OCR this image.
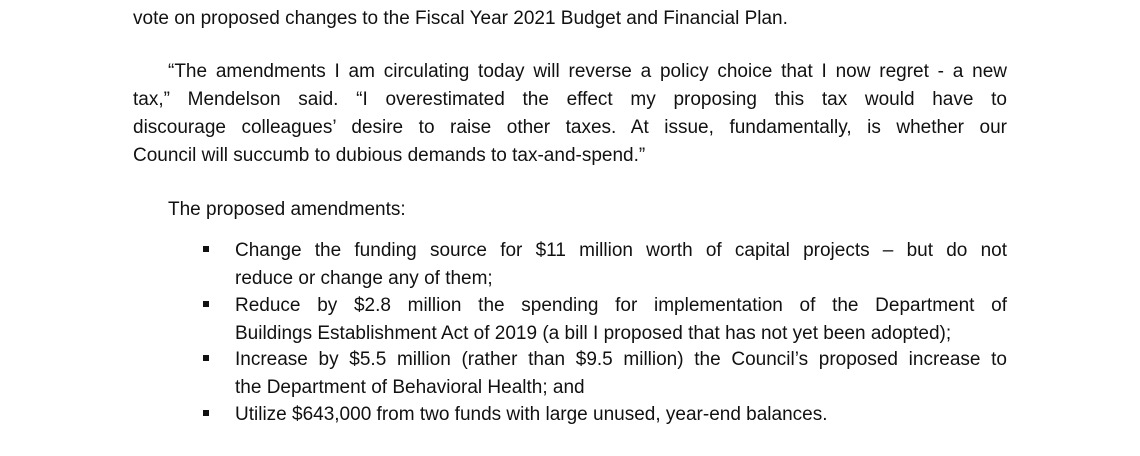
vote on proposed changes to the Fiscal Year 2021 Budget and Financial Plan.
“The amendments I am circulating today will reverse a policy choice that I now regret - a new
tax,” Mendelson said. “I overestimated the effect my proposing this tax would have to
discourage colleagues’ desire to raise other taxes. At issue, fundamentally, is whether our
Council will succumb to dubious demands to tax-and-spend.”
The proposed amendments:
Change the funding source for $11 million worth of capital projects – but do not
reduce or change any of them;
Reduce by $2.8 million the spending for implementation of the Department of
Buildings Establishment Act of 2019 (a bill I proposed that has not yet been adopted);
Increase by $5.5 million (rather than $9.5 million) the Council’s proposed increase to
the Department of Behavioral Health; and
Utilize $643,000 from two funds with large unused, year-end balances.
